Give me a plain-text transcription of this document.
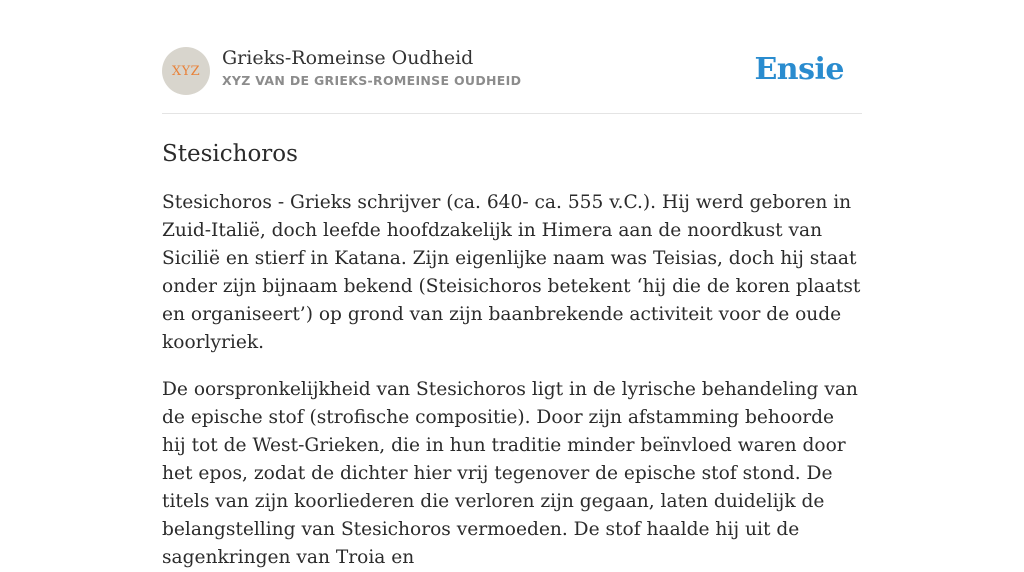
XYZ
Grieks-Romeinse Oudheid
XYZ VAN DE GRIEKS-ROMEINSE OUDHEID	Ensie
Stesichoros

Stesichoros - Grieks schrijver (ca. 640- ca. 555 v.C.). Hij werd geboren in Zuid-Italië, doch leefde hoofdzakelijk in Himera aan de noordkust van Sicilië en stierf in Katana. Zijn eigenlijke naam was Teisias, doch hij staat onder zijn bijnaam bekend (Steisichoros betekent ‘hij die de koren plaatst en organiseert’) op grond van zijn baanbrekende activiteit voor de oude koorlyriek.

De oorspronkelijkheid van Stesichoros ligt in de lyrische behandeling van de epische stof (strofische compositie). Door zijn afstamming behoorde hij tot de West-Grieken, die in hun traditie minder beïnvloed waren door het epos, zodat de dichter hier vrij tegenover de epische stof stond. De titels van zijn koorliederen die verloren zijn gegaan, laten duidelijk de belangstelling van Stesichoros vermoeden. De stof haalde hij uit de sagenkringen van Troia en
